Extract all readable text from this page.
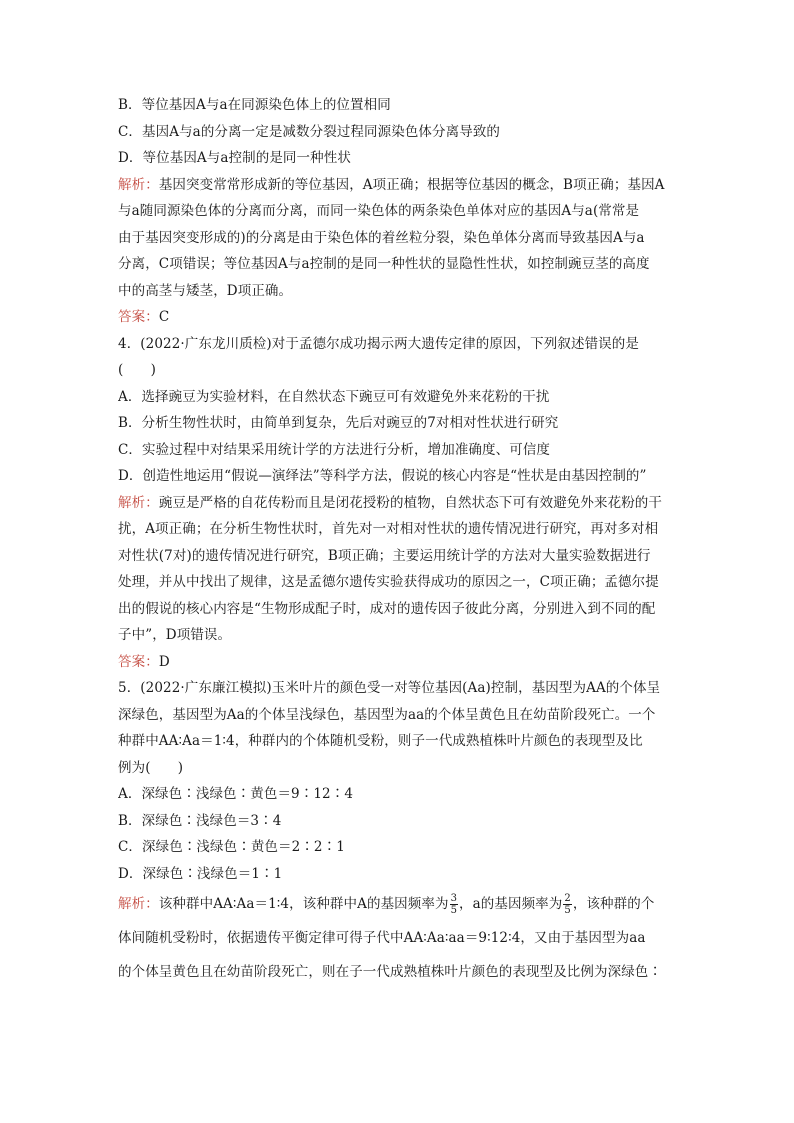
B．等位基因A与a在同源染色体上的位置相同
C．基因A与a的分离一定是减数分裂过程同源染色体分离导致的
D．等位基因A与a控制的是同一种性状
解析：基因突变常常形成新的等位基因，A项正确；根据等位基因的概念，B项正确；基因A
与a随同源染色体的分离而分离，而同一染色体的两条染色单体对应的基因A与a(常常是
由于基因突变形成的)的分离是由于染色体的着丝粒分裂，染色单体分离而导致基因A与a
分离，C项错误；等位基因A与a控制的是同一种性状的显隐性性状，如控制豌豆茎的高度
中的高茎与矮茎，D项正确。
答案：C
4．(2022·广东龙川质检)对于孟德尔成功揭示两大遗传定律的原因，下列叙述错误的是
(　　)
A．选择豌豆为实验材料，在自然状态下豌豆可有效避免外来花粉的干扰
B．分析生物性状时，由简单到复杂，先后对豌豆的7对相对性状进行研究
C．实验过程中对结果采用统计学的方法进行分析，增加准确度、可信度
D．创造性地运用“假说—演绎法”等科学方法，假说的核心内容是“性状是由基因控制的”
解析：豌豆是严格的自花传粉而且是闭花授粉的植物，自然状态下可有效避免外来花粉的干
扰，A项正确；在分析生物性状时，首先对一对相对性状的遗传情况进行研究，再对多对相
对性状(7对)的遗传情况进行研究，B项正确；主要运用统计学的方法对大量实验数据进行
处理，并从中找出了规律，这是孟德尔遗传实验获得成功的原因之一，C项正确；孟德尔提
出的假说的核心内容是“生物形成配子时，成对的遗传因子彼此分离，分别进入到不同的配
子中”，D项错误。
答案：D
5．(2022·广东廉江模拟)玉米叶片的颜色受一对等位基因(Aa)控制，基因型为AA的个体呈
深绿色，基因型为Aa的个体呈浅绿色，基因型为aa的个体呈黄色且在幼苗阶段死亡。一个
种群中AA∶Aa＝1∶4，种群内的个体随机受粉，则子一代成熟植株叶片颜色的表现型及比
例为(　　)
A．深绿色∶浅绿色∶黄色＝9∶12∶4
B．深绿色∶浅绿色＝3∶4
C．深绿色∶浅绿色∶黄色＝2∶2∶1
D．深绿色∶浅绿色＝1∶1
解析：该种群中AA∶Aa＝1∶4，该种群中A的基因频率为 $\frac{3}{5}$ ，a的基因频率为 $\frac{2}{5}$ ，该种群的个
体间随机受粉时，依据遗传平衡定律可得子代中AA∶Aa∶aa＝9∶12∶4，又由于基因型为aa
的个体呈黄色且在幼苗阶段死亡，则在子一代成熟植株叶片颜色的表现型及比例为深绿色∶
